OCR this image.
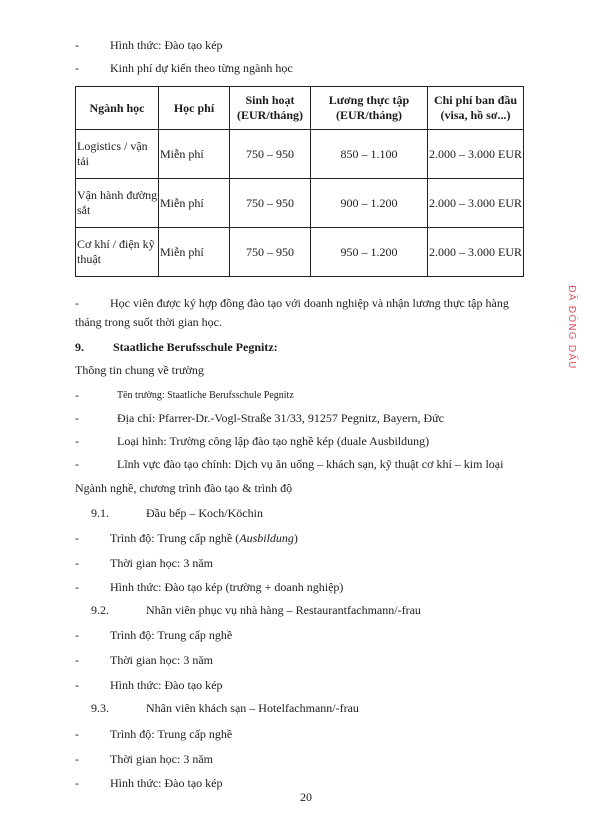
-	Hình thức: Đào tạo kép
-	Kinh phí dự kiến theo từng ngành học
Ngành học	Học phí	Sinh hoạt (EUR/tháng)	Lương thực tập (EUR/tháng)	Chi phí ban đầu (visa, hồ sơ...)
Logistics / vận tải	Miễn phí	750 – 950	850 – 1.100	2.000 – 3.000 EUR
Vận hành đường sắt	Miễn phí	750 – 950	900 – 1.200	2.000 – 3.000 EUR
Cơ khí / điện kỹ thuật	Miễn phí	750 – 950	950 – 1.200	2.000 – 3.000 EUR
-	Học viên được ký hợp đồng đào tạo với doanh nghiệp và nhận lương thực tập hàng
tháng trong suốt thời gian học.
9. Staatliche Berufsschule Pegnitz:
Thông tin chung về trường
-	Tên trường: Staatliche Berufsschule Pegnitz
-	Địa chỉ: Pfarrer-Dr.-Vogl-Straße 31/33, 91257 Pegnitz, Bayern, Đức
-	Loại hình: Trường công lập đào tạo nghề kép (duale Ausbildung)
-	Lĩnh vực đào tạo chính: Dịch vụ ăn uống – khách sạn, kỹ thuật cơ khí – kim loại
Ngành nghề, chương trình đào tạo & trình độ
9.1.	Đầu bếp – Koch/Köchin
-	Trình độ: Trung cấp nghề (Ausbildung)
-	Thời gian học: 3 năm
-	Hình thức: Đào tạo kép (trường + doanh nghiệp)
9.2.	Nhân viên phục vụ nhà hàng – Restaurantfachmann/-frau
-	Trình độ: Trung cấp nghề
-	Thời gian học: 3 năm
-	Hình thức: Đào tạo kép
9.3.	Nhân viên khách sạn – Hotelfachmann/-frau
-	Trình độ: Trung cấp nghề
-	Thời gian học: 3 năm
-	Hình thức: Đào tạo kép
ĐÃ ĐÓNG DẤU
20
